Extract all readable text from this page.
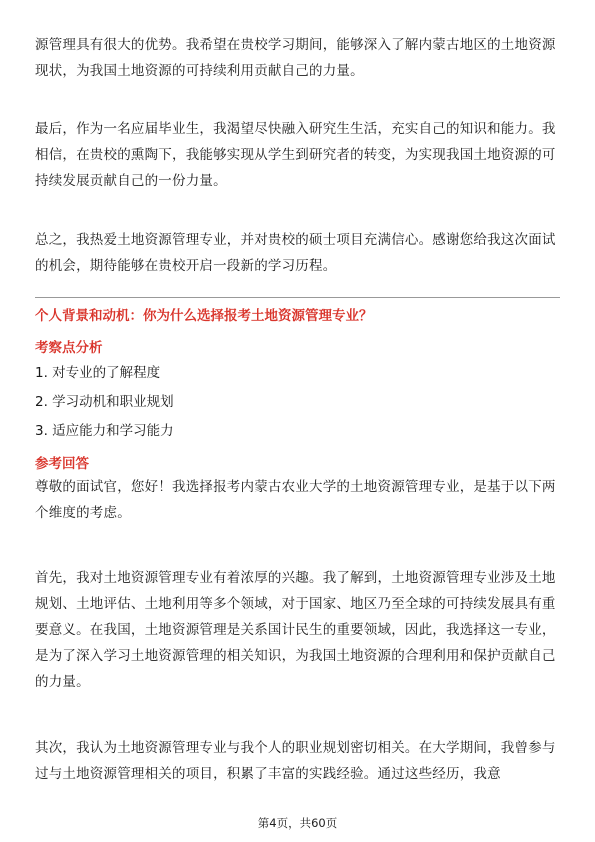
源管理具有很大的优势。我希望在贵校学习期间，能够深入了解内蒙古地区的土地资源现状，为我国土地资源的可持续利用贡献自己的力量。

最后，作为一名应届毕业生，我渴望尽快融入研究生生活，充实自己的知识和能力。我相信，在贵校的熏陶下，我能够实现从学生到研究者的转变，为实现我国土地资源的可持续发展贡献自己的一份力量。

总之，我热爱土地资源管理专业，并对贵校的硕士项目充满信心。感谢您给我这次面试的机会，期待能够在贵校开启一段新的学习历程。

个人背景和动机：你为什么选择报考土地资源管理专业？
考察点分析
1. 对专业的了解程度
2. 学习动机和职业规划
3. 适应能力和学习能力
参考回答

尊敬的面试官，您好！我选择报考内蒙古农业大学的土地资源管理专业，是基于以下两个维度的考虑。

首先，我对土地资源管理专业有着浓厚的兴趣。我了解到，土地资源管理专业涉及土地规划、土地评估、土地利用等多个领域，对于国家、地区乃至全球的可持续发展具有重要意义。在我国，土地资源管理是关系国计民生的重要领域，因此，我选择这一专业，是为了深入学习土地资源管理的相关知识，为我国土地资源的合理利用和保护贡献自己的力量。

其次，我认为土地资源管理专业与我个人的职业规划密切相关。在大学期间，我曾参与过与土地资源管理相关的项目，积累了丰富的实践经验。通过这些经历，我意

第4页，共60页
